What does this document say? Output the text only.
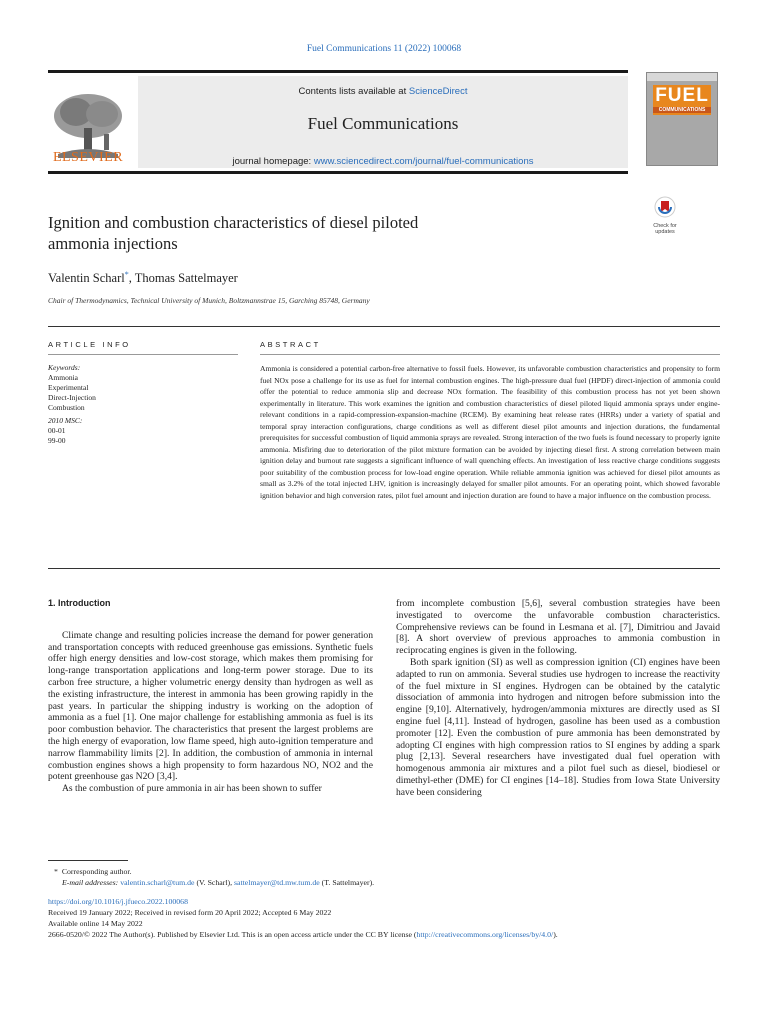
Fuel Communications 11 (2022) 100068
ELSEVIER
Contents lists available at ScienceDirect
Fuel Communications
journal homepage: www.sciencedirect.com/journal/fuel-communications
FUEL
COMMUNICATIONS
Ignition and combustion characteristics of diesel piloted
ammonia injections
Check for updates
Valentin Scharl*, Thomas Sattelmayer
Chair of Thermodynamics, Technical University of Munich, Boltzmannstrae 15, Garching 85748, Germany
ARTICLE INFO
Keywords:
Ammonia
Experimental
Direct-Injection
Combustion
2010 MSC:
00-01
99-00
ABSTRACT

Ammonia is considered a potential carbon-free alternative to fossil fuels. However, its unfavorable combustion characteristics and propensity to form fuel NOx pose a challenge for its use as fuel for internal combustion engines. The high-pressure dual fuel (HPDF) direct-injection of ammonia could offer the potential to reduce ammonia slip and decrease NOx formation. The feasibility of this combustion process has not yet been shown experimentally in literature. This work examines the ignition and combustion characteristics of diesel piloted liquid ammonia sprays under engine-relevant conditions in a rapid-compression-expansion-machine (RCEM). By examining heat release rates (HRRs) under a variety of spatial and temporal spray interaction configurations, charge conditions as well as different diesel pilot amounts and injection durations, the fundamental prerequisites for successful combustion of liquid ammonia sprays are revealed. Strong interaction of the two fuels is found necessary to properly ignite ammonia. Misfiring due to deterioration of the pilot mixture formation can be avoided by injecting diesel first. A strong correlation between main ignition delay and burnout rate suggests a significant influence of wall quenching effects. An investigation of less reactive charge conditions suggests poor suitability of the combustion process for low-load engine operation. While reliable ammonia ignition was achieved for diesel pilot amounts as small as 3.2% of the total injected LHV, ignition is increasingly delayed for smaller pilot amounts. For an operating point, which showed favorable ignition behavior and high conversion rates, pilot fuel amount and injection duration are found to have a major influence on the combustion process.

1. Introduction

Climate change and resulting policies increase the demand for power generation and transportation concepts with reduced greenhouse gas emissions. Synthetic fuels offer high energy densities and low-cost storage, which makes them promising for long-range transportation applications and long-term power storage. Due to its carbon free structure, a higher volumetric energy density than hydrogen as well as the existing infrastructure, the interest in ammonia has been growing rapidly in the past years. In particular the shipping industry is working on the adoption of ammonia as a fuel [1]. One major challenge for establishing ammonia as fuel is its poor combustion behavior. The characteristics that present the largest problems are the high energy of evaporation, low flame speed, high auto-ignition temperature and narrow flammability limits [2]. In addition, the combustion of ammonia in internal combustion engines shows a high propensity to form hazardous NO, NO2 and the potent greenhouse gas N2O [3,4].

As the combustion of pure ammonia in air has been shown to suffer

from incomplete combustion [5,6], several combustion strategies have been investigated to overcome the unfavorable combustion characteristics. Comprehensive reviews can be found in Lesmana et al. [7], Dimitriou and Javaid [8]. A short overview of previous approaches to ammonia combustion in reciprocating engines is given in the following.

Both spark ignition (SI) as well as compression ignition (CI) engines have been adapted to run on ammonia. Several studies use hydrogen to increase the reactivity of the fuel mixture in SI engines. Hydrogen can be obtained by the catalytic dissociation of ammonia into hydrogen and nitrogen before submission into the engine [9,10]. Alternatively, hydrogen/ammonia mixtures are directly used as SI engine fuel [4,11]. Instead of hydrogen, gasoline has been used as a combustion promoter [12]. Even the combustion of pure ammonia has been demonstrated by adopting CI engines with high compression ratios to SI engines by adding a spark plug [2,13]. Several researchers have investigated dual fuel operation with homogenous ammonia air mixtures and a pilot fuel such as diesel, biodiesel or dimethyl-ether (DME) for CI engines [14–18]. Studies from Iowa State University have been considering

* Corresponding author.
E-mail addresses: valentin.scharl@tum.de (V. Scharl), sattelmayer@td.mw.tum.de (T. Sattelmayer).
https://doi.org/10.1016/j.jfueco.2022.100068
Received 19 January 2022; Received in revised form 20 April 2022; Accepted 6 May 2022
Available online 14 May 2022
2666-0520/© 2022 The Author(s). Published by Elsevier Ltd. This is an open access article under the CC BY license (http://creativecommons.org/licenses/by/4.0/).
